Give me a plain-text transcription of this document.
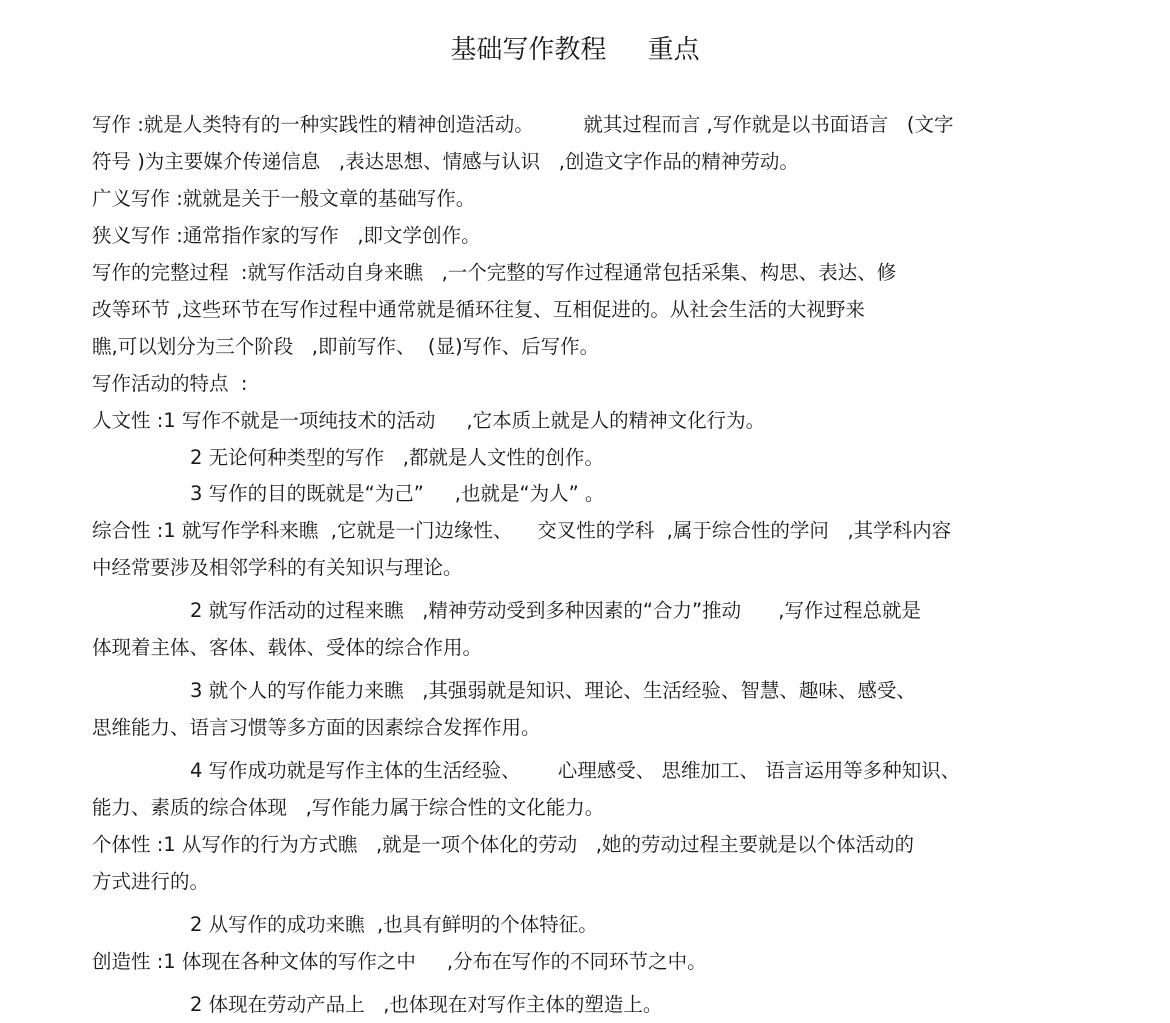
基础写作教程     重点
写作 :就是人类特有的一种实践性的精神创造活动。        就其过程而言 ,写作就是以书面语言   (文字
符号 )为主要媒介传递信息   ,表达思想、情感与认识   ,创造文字作品的精神劳动。
广义写作 :就就是关于一般文章的基础写作。
狭义写作 :通常指作家的写作   ,即文学创作。
写作的完整过程  :就写作活动自身来瞧   ,一个完整的写作过程通常包括采集、构思、表达、修
改等环节 ,这些环节在写作过程中通常就是循环往复、互相促进的。从社会生活的大视野来
瞧,可以划分为三个阶段   ,即前写作、  (显)写作、后写作。
写作活动的特点  :
人文性 :1 写作不就是一项纯技术的活动     ,它本质上就是人的精神文化行为。
2 无论何种类型的写作   ,都就是人文性的创作。
3 写作的目的既就是“为己”     ,也就是“为人” 。
综合性 :1 就写作学科来瞧  ,它就是一门边缘性、    交叉性的学科  ,属于综合性的学问   ,其学科内容
中经常要涉及相邻学科的有关知识与理论。
2 就写作活动的过程来瞧   ,精神劳动受到多种因素的“合力”推动      ,写作过程总就是
体现着主体、客体、载体、受体的综合作用。
3 就个人的写作能力来瞧   ,其强弱就是知识、理论、生活经验、智慧、趣味、感受、
思维能力、语言习惯等多方面的因素综合发挥作用。
4 写作成功就是写作主体的生活经验、      心理感受、 思维加工、 语言运用等多种知识、
能力、素质的综合体现   ,写作能力属于综合性的文化能力。
个体性 :1 从写作的行为方式瞧   ,就是一项个体化的劳动   ,她的劳动过程主要就是以个体活动的
方式进行的。
2 从写作的成功来瞧  ,也具有鲜明的个体特征。
创造性 :1 体现在各种文体的写作之中     ,分布在写作的不同环节之中。
2 体现在劳动产品上   ,也体现在对写作主体的塑造上。
